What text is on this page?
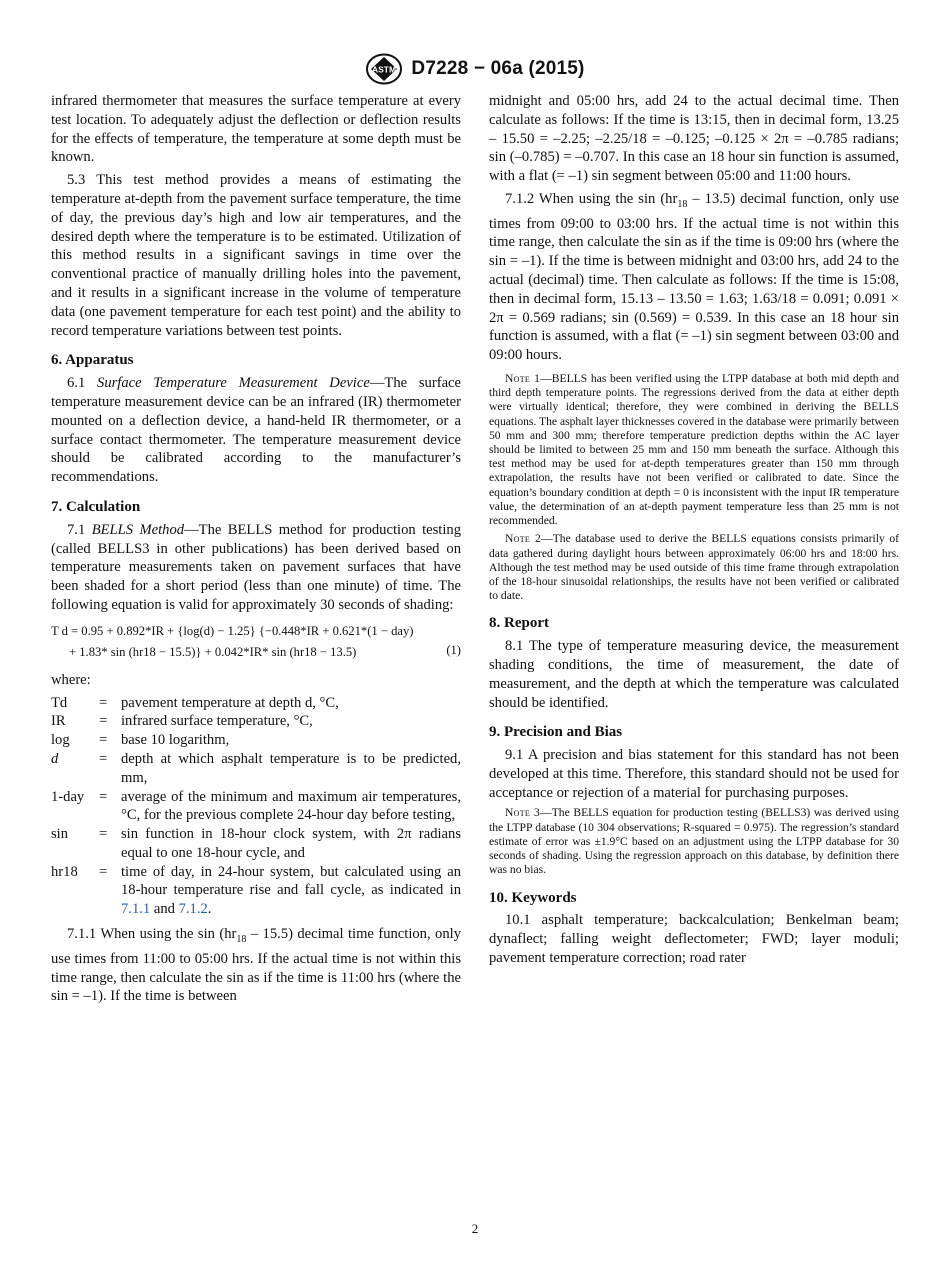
ASTM D7228 − 06a (2015)

infrared thermometer that measures the surface temperature at every test location. To adequately adjust the deflection or deflection results for the effects of temperature, the temperature at some depth must be known.

5.3 This test method provides a means of estimating the temperature at-depth from the pavement surface temperature, the time of day, the previous day’s high and low air temperatures, and the desired depth where the temperature is to be estimated. Utilization of this method results in a significant savings in time over the conventional practice of manually drilling holes into the pavement, and it results in a significant increase in the volume of temperature data (one pavement temperature for each test point) and the ability to record temperature variations between test points.

6. Apparatus

6.1 Surface Temperature Measurement Device—The surface temperature measurement device can be an infrared (IR) thermometer mounted on a deflection device, a hand-held IR thermometer, or a surface contact thermometer. The temperature measurement device should be calibrated according to the manufacturer’s recommendations.

7. Calculation

7.1 BELLS Method—The BELLS method for production testing (called BELLS3 in other publications) has been derived based on temperature measurements taken on pavement surfaces that have been shaded for a short period (less than one minute) of time. The following equation is valid for approximately 30 seconds of shading:

T d = 0.95 + 0.892*IR + {log(d) − 1.25} {−0.448*IR + 0.621*(1 − day)
+ 1.83* sin (hr18 − 15.5)} + 0.042*IR* sin (hr18 − 13.5)	(1)

where:

Td	= pavement temperature at depth d, °C,
IR	= infrared surface temperature, °C,
log	= base 10 logarithm,
d	= depth at which asphalt temperature is to be predicted, mm,
1-day	= average of the minimum and maximum air temperatures, °C, for the previous complete 24-hour day before testing,
sin	= sin function in 18-hour clock system, with 2π radians equal to one 18-hour cycle, and
hr18	= time of day, in 24-hour system, but calculated using an 18-hour temperature rise and fall cycle, as indicated in 7.1.1 and 7.1.2.

7.1.1 When using the $\sin (hr_{18} - 15.5)$ decimal time function, only use times from 11:00 to 05:00 hrs. If the actual time is not within this time range, then calculate the sin as if the time is 11:00 hrs (where the sin = –1). If the time is between

midnight and 05:00 hrs, add 24 to the actual decimal time. Then calculate as follows: If the time is 13:15, then in decimal form, 13.25 – 15.50 = –2.25; –2.25/18 = –0.125; –0.125 × 2π = –0.785 radians; sin (–0.785) = –0.707. In this case an 18 hour sin function is assumed, with a flat (= –1) sin segment between 05:00 and 11:00 hours.

7.1.2 When using the $\sin (hr_{18} - 13.5)$ decimal function, only use times from 09:00 to 03:00 hrs. If the actual time is not within this time range, then calculate the sin as if the time is 09:00 hrs (where the sin = –1). If the time is between midnight and 03:00 hrs, add 24 to the actual (decimal) time. Then calculate as follows: If the time is 15:08, then in decimal form, 15.13 – 13.50 = 1.63; 1.63/18 = 0.091; 0.091 × 2π = 0.569 radians; sin (0.569) = 0.539. In this case an 18 hour sin function is assumed, with a flat (= –1) sin segment between 03:00 and 09:00 hours.

Note 1—BELLS has been verified using the LTPP database at both mid depth and third depth temperature points. The regressions derived from the data at either depth were virtually identical; therefore, they were combined in deriving the BELLS equations. The asphalt layer thicknesses covered in the database were primarily between 50 mm and 300 mm; therefore temperature prediction depths within the AC layer should be limited to between 25 mm and 150 mm beneath the surface. Although this test method may be used for at-depth temperatures greater than 150 mm through extrapolation, the results have not been verified or calibrated to date. Since the equation’s boundary condition at depth = 0 is inconsistent with the input IR temperature value, the determination of an at-depth payment temperature less than 25 mm is not recommended.

Note 2—The database used to derive the BELLS equations consists primarily of data gathered during daylight hours between approximately 06:00 hrs and 18:00 hrs. Although the test method may be used outside of this time frame through extrapolation of the 18-hour sinusoidal relationships, the results have not been verified or calibrated to date.

8. Report

8.1 The type of temperature measuring device, the measurement shading conditions, the time of measurement, the date of measurement, and the depth at which the temperature was calculated should be identified.

9. Precision and Bias

9.1 A precision and bias statement for this standard has not been developed at this time. Therefore, this standard should not be used for acceptance or rejection of a material for purchasing purposes.

Note 3—The BELLS equation for production testing (BELLS3) was derived using the LTPP database (10 304 observations; R-squared = 0.975). The regression’s standard estimate of error was ±1.9°C based on an adjustment using the LTPP database for 30 seconds of shading. Using the regression approach on this database, by definition there was no bias.

10. Keywords

10.1 asphalt temperature; backcalculation; Benkelman beam; dynaflect; falling weight deflectometer; FWD; layer moduli; pavement temperature correction; road rater

2
